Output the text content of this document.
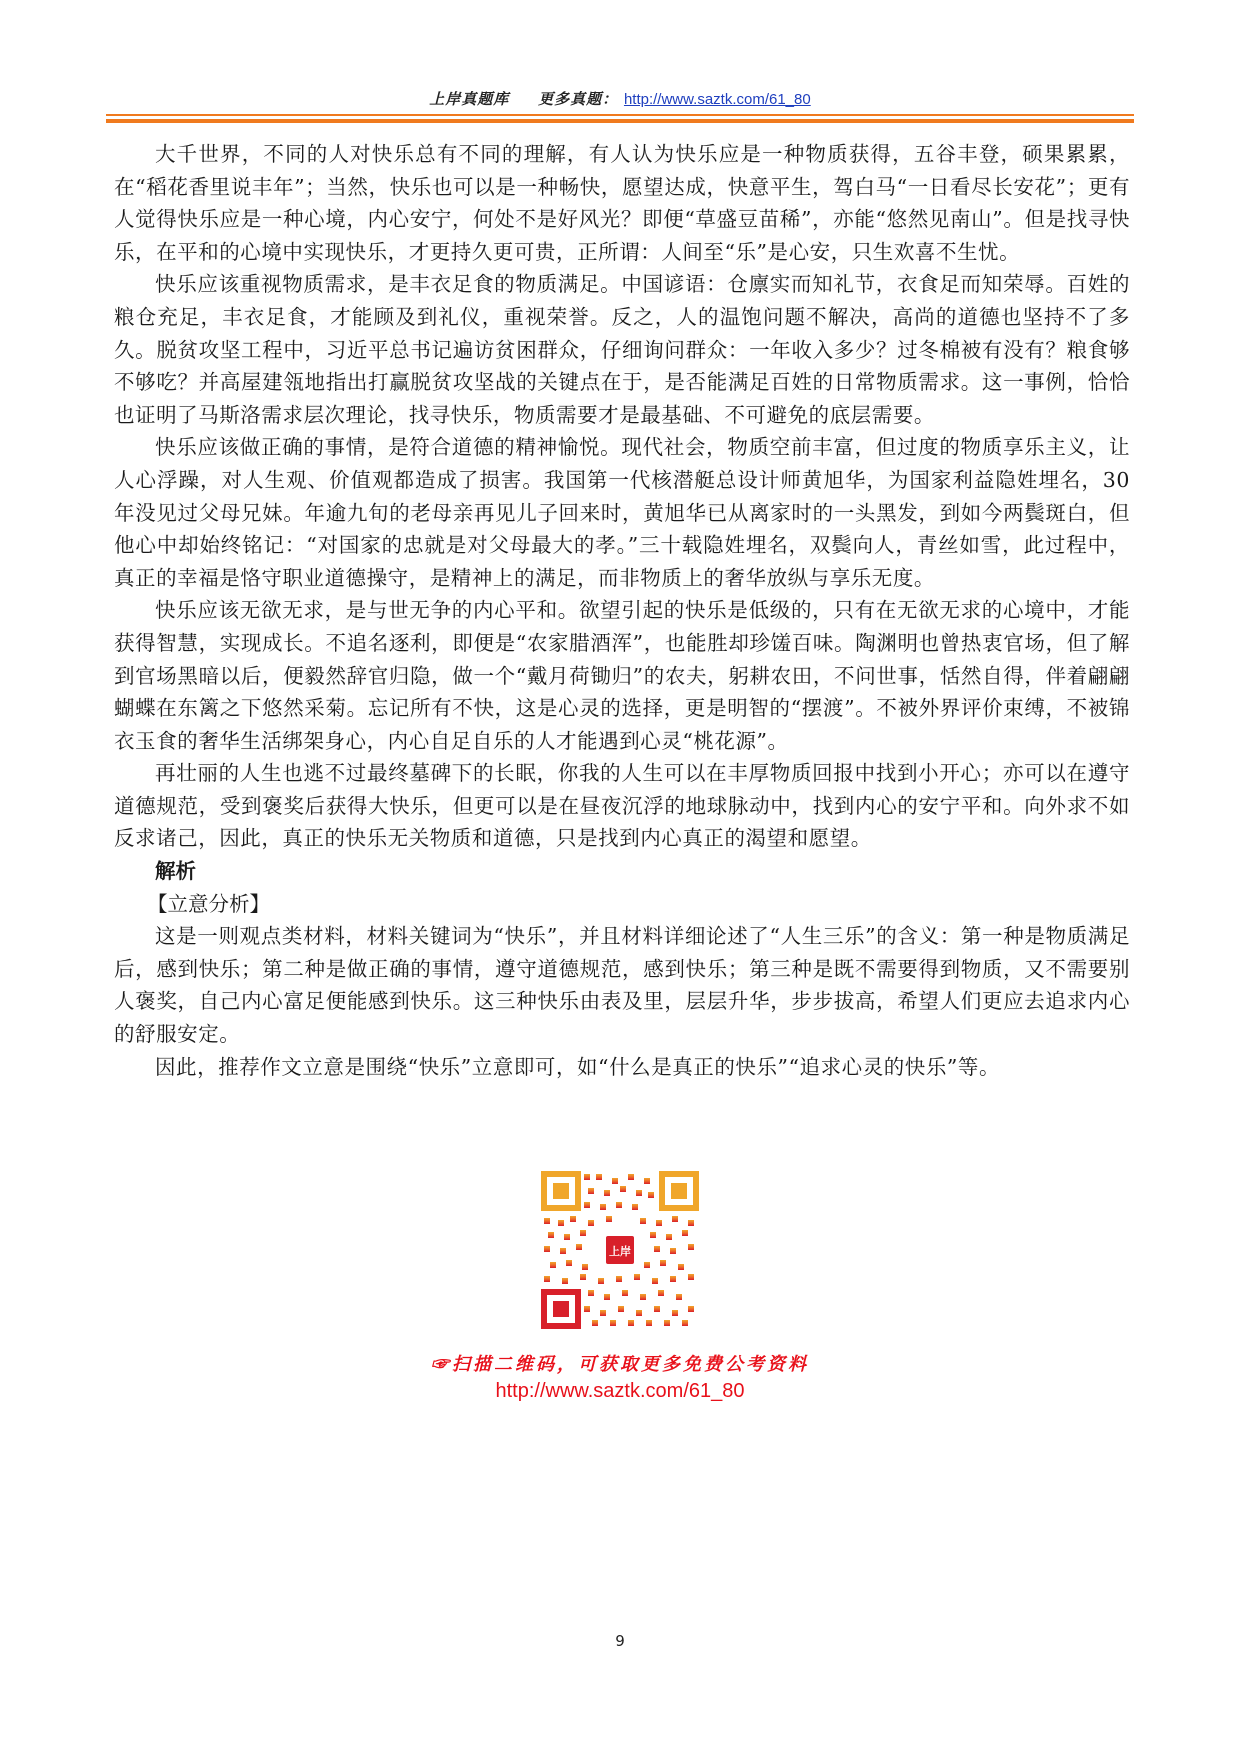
上岸真题库 更多真题： http://www.saztk.com/61_80

大千世界，不同的人对快乐总有不同的理解，有人认为快乐应是一种物质获得，五谷丰登，硕果累累，在“稻花香里说丰年”；当然，快乐也可以是一种畅快，愿望达成，快意平生，驾白马“一日看尽长安花”；更有人觉得快乐应是一种心境，内心安宁，何处不是好风光？即便“草盛豆苗稀”，亦能“悠然见南山”。但是找寻快乐，在平和的心境中实现快乐，才更持久更可贵，正所谓：人间至“乐”是心安，只生欢喜不生忧。

快乐应该重视物质需求，是丰衣足食的物质满足。中国谚语：仓廪实而知礼节，衣食足而知荣辱。百姓的粮仓充足，丰衣足食，才能顾及到礼仪，重视荣誉。反之，人的温饱问题不解决，高尚的道德也坚持不了多久。脱贫攻坚工程中，习近平总书记遍访贫困群众，仔细询问群众：一年收入多少？过冬棉被有没有？粮食够不够吃？并高屋建瓴地指出打赢脱贫攻坚战的关键点在于，是否能满足百姓的日常物质需求。这一事例，恰恰也证明了马斯洛需求层次理论，找寻快乐，物质需要才是最基础、不可避免的底层需要。

快乐应该做正确的事情，是符合道德的精神愉悦。现代社会，物质空前丰富，但过度的物质享乐主义，让人心浮躁，对人生观、价值观都造成了损害。我国第一代核潜艇总设计师黄旭华，为国家利益隐姓埋名，30年没见过父母兄妹。年逾九旬的老母亲再见儿子回来时，黄旭华已从离家时的一头黑发，到如今两鬓斑白，但他心中却始终铭记：“对国家的忠就是对父母最大的孝。”三十载隐姓埋名，双鬓向人，青丝如雪，此过程中，真正的幸福是恪守职业道德操守，是精神上的满足，而非物质上的奢华放纵与享乐无度。

快乐应该无欲无求，是与世无争的内心平和。欲望引起的快乐是低级的，只有在无欲无求的心境中，才能获得智慧，实现成长。不追名逐利，即便是“农家腊酒浑”，也能胜却珍馐百味。陶渊明也曾热衷官场，但了解到官场黑暗以后，便毅然辞官归隐，做一个“戴月荷锄归”的农夫，躬耕农田，不问世事，恬然自得，伴着翩翩蝴蝶在东篱之下悠然采菊。忘记所有不快，这是心灵的选择，更是明智的“摆渡”。不被外界评价束缚，不被锦衣玉食的奢华生活绑架身心，内心自足自乐的人才能遇到心灵“桃花源”。

再壮丽的人生也逃不过最终墓碑下的长眠，你我的人生可以在丰厚物质回报中找到小开心；亦可以在遵守道德规范，受到褒奖后获得大快乐，但更可以是在昼夜沉浮的地球脉动中，找到内心的安宁平和。向外求不如反求诸己，因此，真正的快乐无关物质和道德，只是找到内心真正的渴望和愿望。

解析

【立意分析】

这是一则观点类材料，材料关键词为“快乐”，并且材料详细论述了“人生三乐”的含义：第一种是物质满足后，感到快乐；第二种是做正确的事情，遵守道德规范，感到快乐；第三种是既不需要得到物质，又不需要别人褒奖，自己内心富足便能感到快乐。这三种快乐由表及里，层层升华，步步拔高，希望人们更应去追求内心的舒服安定。

因此，推荐作文立意是围绕“快乐”立意即可，如“什么是真正的快乐”“追求心灵的快乐”等。

上岸
☞扫描二维码，可获取更多免费公考资料
http://www.saztk.com/61_80
9
